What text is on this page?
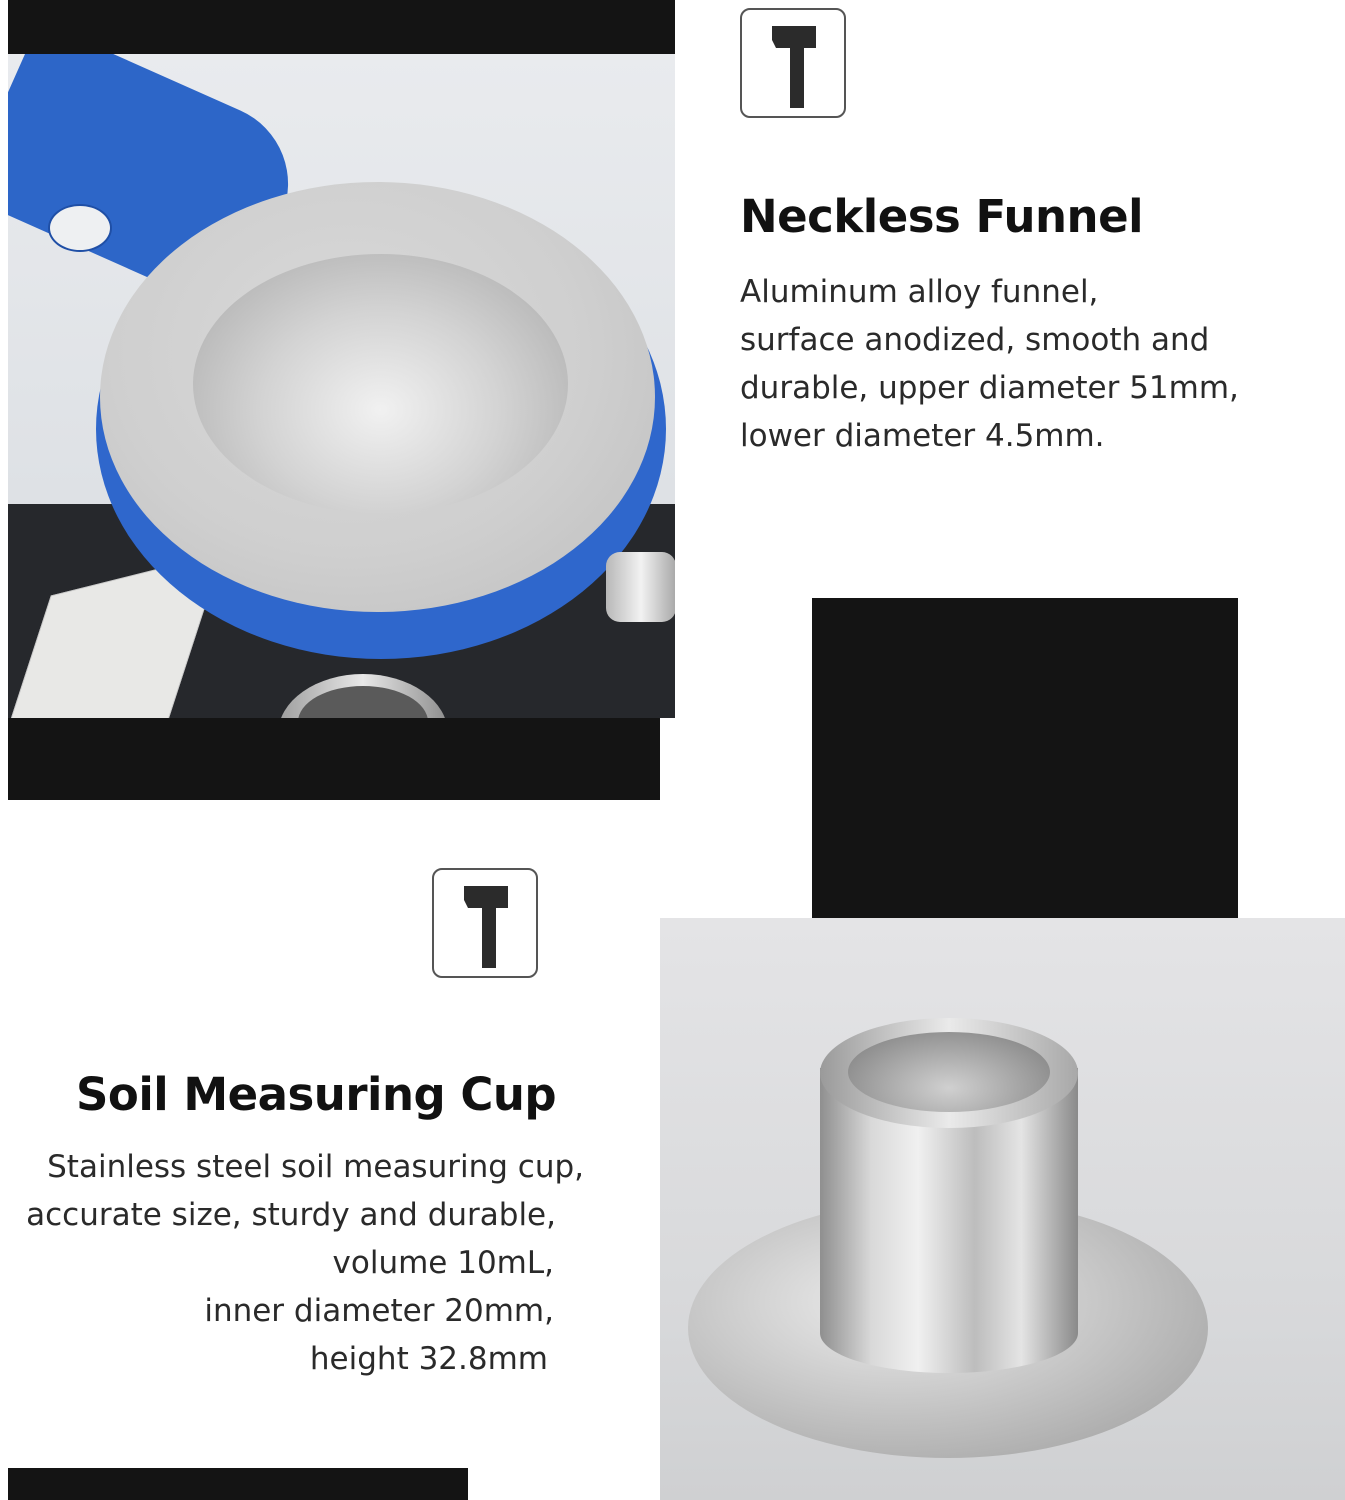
Neckless Funnel
Aluminum alloy funnel,
surface anodized, smooth and
durable, upper diameter 51mm,
lower diameter 4.5mm.
Soil Measuring Cup
Stainless steel soil measuring cup,
accurate size, sturdy and durable,
volume 10mL,
inner diameter 20mm,
height 32.8mm
